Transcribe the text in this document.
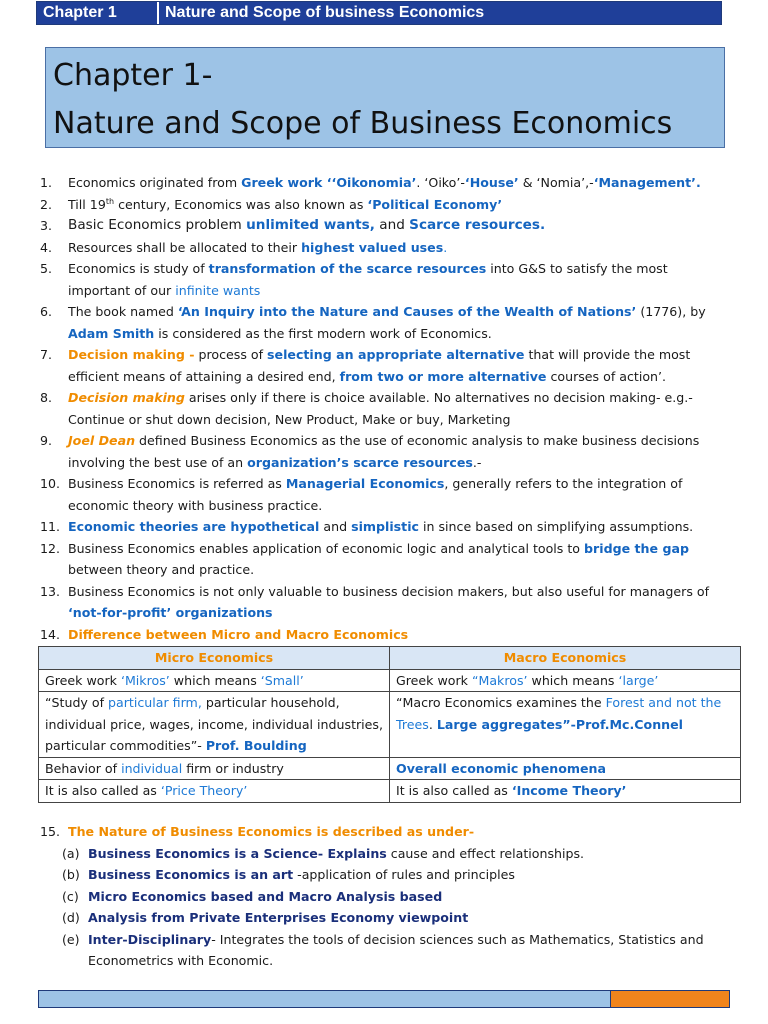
Chapter 1	Nature and Scope of business Economics
Chapter 1-
Nature and Scope of Business Economics
1.	Economics originated from Greek work ‘‘Oikonomia’. ‘Oiko’-‘House’ & ‘Nomia’,-‘Management’.
2.	Till 19th century, Economics was also known as ‘Political Economy’
3.	Basic Economics problem unlimited wants, and Scarce resources.
4.	Resources shall be allocated to their highest valued uses.
5.	Economics is study of transformation of the scarce resources into G&S to satisfy the most important of our infinite wants
6.	The book named ‘An Inquiry into the Nature and Causes of the Wealth of Nations’ (1776), by Adam Smith is considered as the first modern work of Economics.
7.	Decision making - process of selecting an appropriate alternative that will provide the most efficient means of attaining a desired end, from two or more alternative courses of action’.
8.	Decision making arises only if there is choice available. No alternatives no decision making- e.g.- Continue or shut down decision, New Product, Make or buy, Marketing
9.	Joel Dean defined Business Economics as the use of economic analysis to make business decisions involving the best use of an organization’s scarce resources.-
10. Business Economics is referred as Managerial Economics, generally refers to the integration of economic theory with business practice.
11. Economic theories are hypothetical and simplistic in since based on simplifying assumptions.
12. Business Economics enables application of economic logic and analytical tools to bridge the gap between theory and practice.
13. Business Economics is not only valuable to business decision makers, but also useful for managers of ‘not-for-profit’ organizations
14. Difference between Micro and Macro Economics
Micro Economics	Macro Economics
Greek work ‘Mikros’ which means ‘Small’	Greek work “Makros’ which means ‘large’
“Study of particular firm, particular household, individual price, wages, income, individual industries, particular commodities”- Prof. Boulding	“Macro Economics examines the Forest and not the Trees. Large aggregates”-Prof.Mc.Connel
Behavior of individual firm or industry	Overall economic phenomena
It is also called as ‘Price Theory’	It is also called as ‘Income Theory’
15. The Nature of Business Economics is described as under-
(a) Business Economics is a Science- Explains cause and effect relationships.
(b) Business Economics is an art -application of rules and principles
(c) Micro Economics based and Macro Analysis based
(d) Analysis from Private Enterprises Economy viewpoint
(e) Inter-Disciplinary- Integrates the tools of decision sciences such as Mathematics, Statistics and Econometrics with Economic.
